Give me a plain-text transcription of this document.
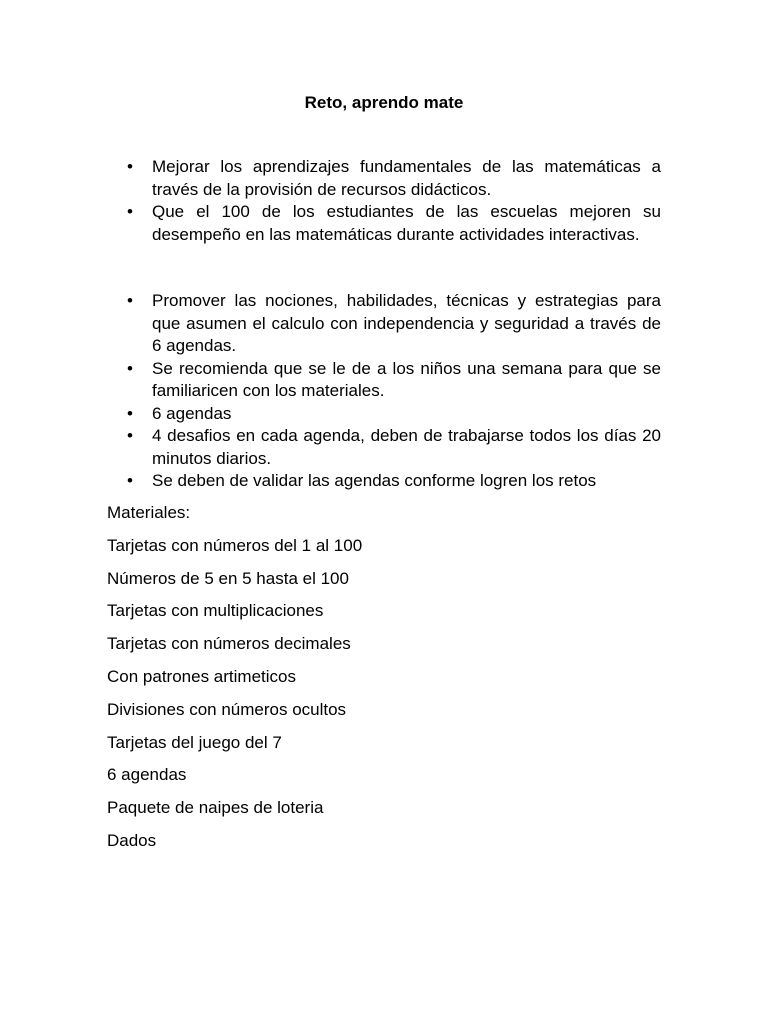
Reto, aprendo mate
• Mejorar los aprendizajes fundamentales de las matemáticas a través de la provisión de recursos didácticos.
• Que el 100 de los estudiantes de las escuelas mejoren su desempeño en las matemáticas durante actividades interactivas.
• Promover las nociones, habilidades, técnicas y estrategias para que asumen el calculo con independencia y seguridad a través de 6 agendas.
• Se recomienda que se le de a los niños una semana para que se familiaricen con los materiales.
• 6 agendas
• 4 desafios en cada agenda, deben de trabajarse todos los días 20 minutos diarios.
• Se deben de validar las agendas conforme logren los retos

Materiales:

Tarjetas con números del 1 al 100

Números de 5 en 5 hasta el 100

Tarjetas con multiplicaciones

Tarjetas con números decimales

Con patrones artimeticos

Divisiones con números ocultos

Tarjetas del juego del 7

6 agendas

Paquete de naipes de loteria

Dados
